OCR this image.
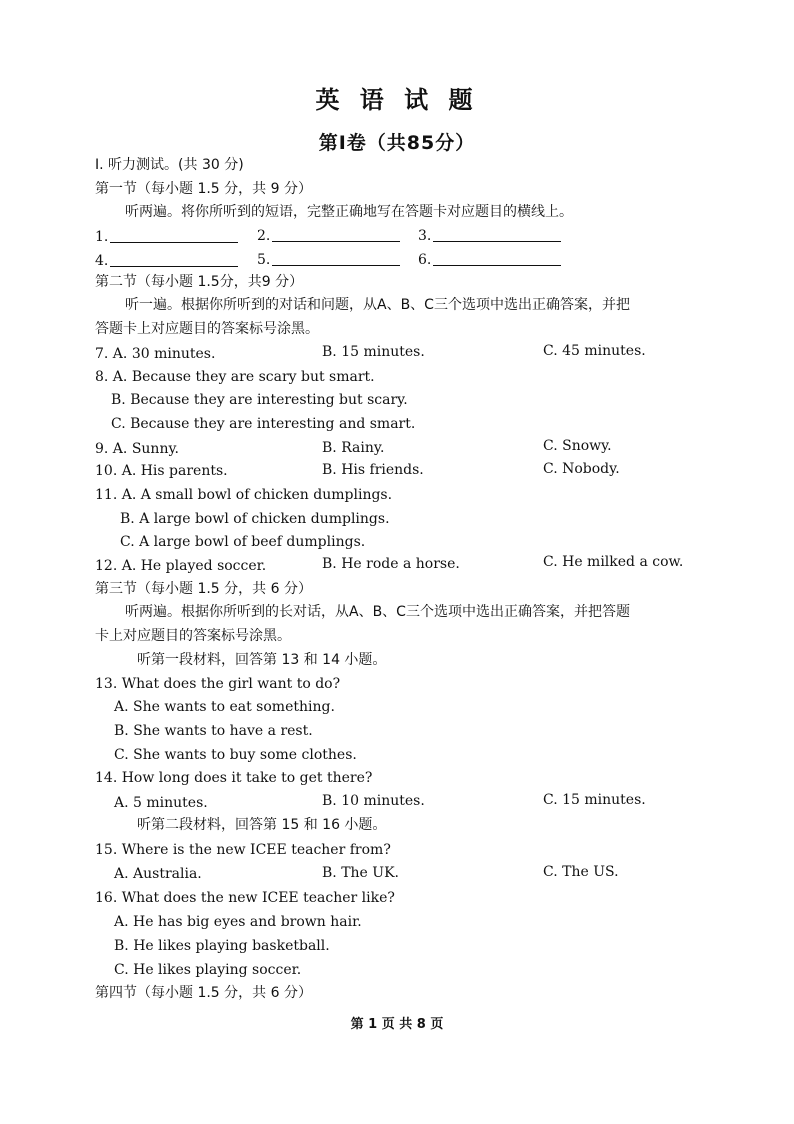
英 语 试 题
第Ⅰ卷（共85分）
I. 听力测试。(共 30 分)
第一节（每小题 1.5 分，共 9 分）
听两遍。将你所听到的短语，完整正确地写在答题卡对应题目的横线上。
1.	2.	3.
4.	5.	6.
第二节（每小题 1.5分，共9 分）
听一遍。根据你所听到的对话和问题，从A、B、C三个选项中选出正确答案，并把
答题卡上对应题目的答案标号涂黑。
7. A. 30 minutes.	B. 15 minutes.	C. 45 minutes.
8. A. Because they are scary but smart.
B. Because they are interesting but scary.
C. Because they are interesting and smart.
9. A. Sunny.	B. Rainy.	C. Snowy.
10. A. His parents.	B. His friends.	C. Nobody.
11. A. A small bowl of chicken dumplings.
B. A large bowl of chicken dumplings.
C. A large bowl of beef dumplings.
12. A. He played soccer.	B. He rode a horse.	C. He milked a cow.
第三节（每小题 1.5 分，共 6 分）
听两遍。根据你所听到的长对话，从A、B、C三个选项中选出正确答案，并把答题
卡上对应题目的答案标号涂黑。
听第一段材料，回答第 13 和 14 小题。
13. What does the girl want to do?
A. She wants to eat something.
B. She wants to have a rest.
C. She wants to buy some clothes.
14. How long does it take to get there?
A. 5 minutes.	B. 10 minutes.	C. 15 minutes.
听第二段材料，回答第 15 和 16 小题。
15. Where is the new ICEE teacher from?
A. Australia.	B. The UK.	C. The US.
16. What does the new ICEE teacher like?
A. He has big eyes and brown hair.
B. He likes playing basketball.
C. He likes playing soccer.
第四节（每小题 1.5 分，共 6 分）
第 1 页 共 8 页
